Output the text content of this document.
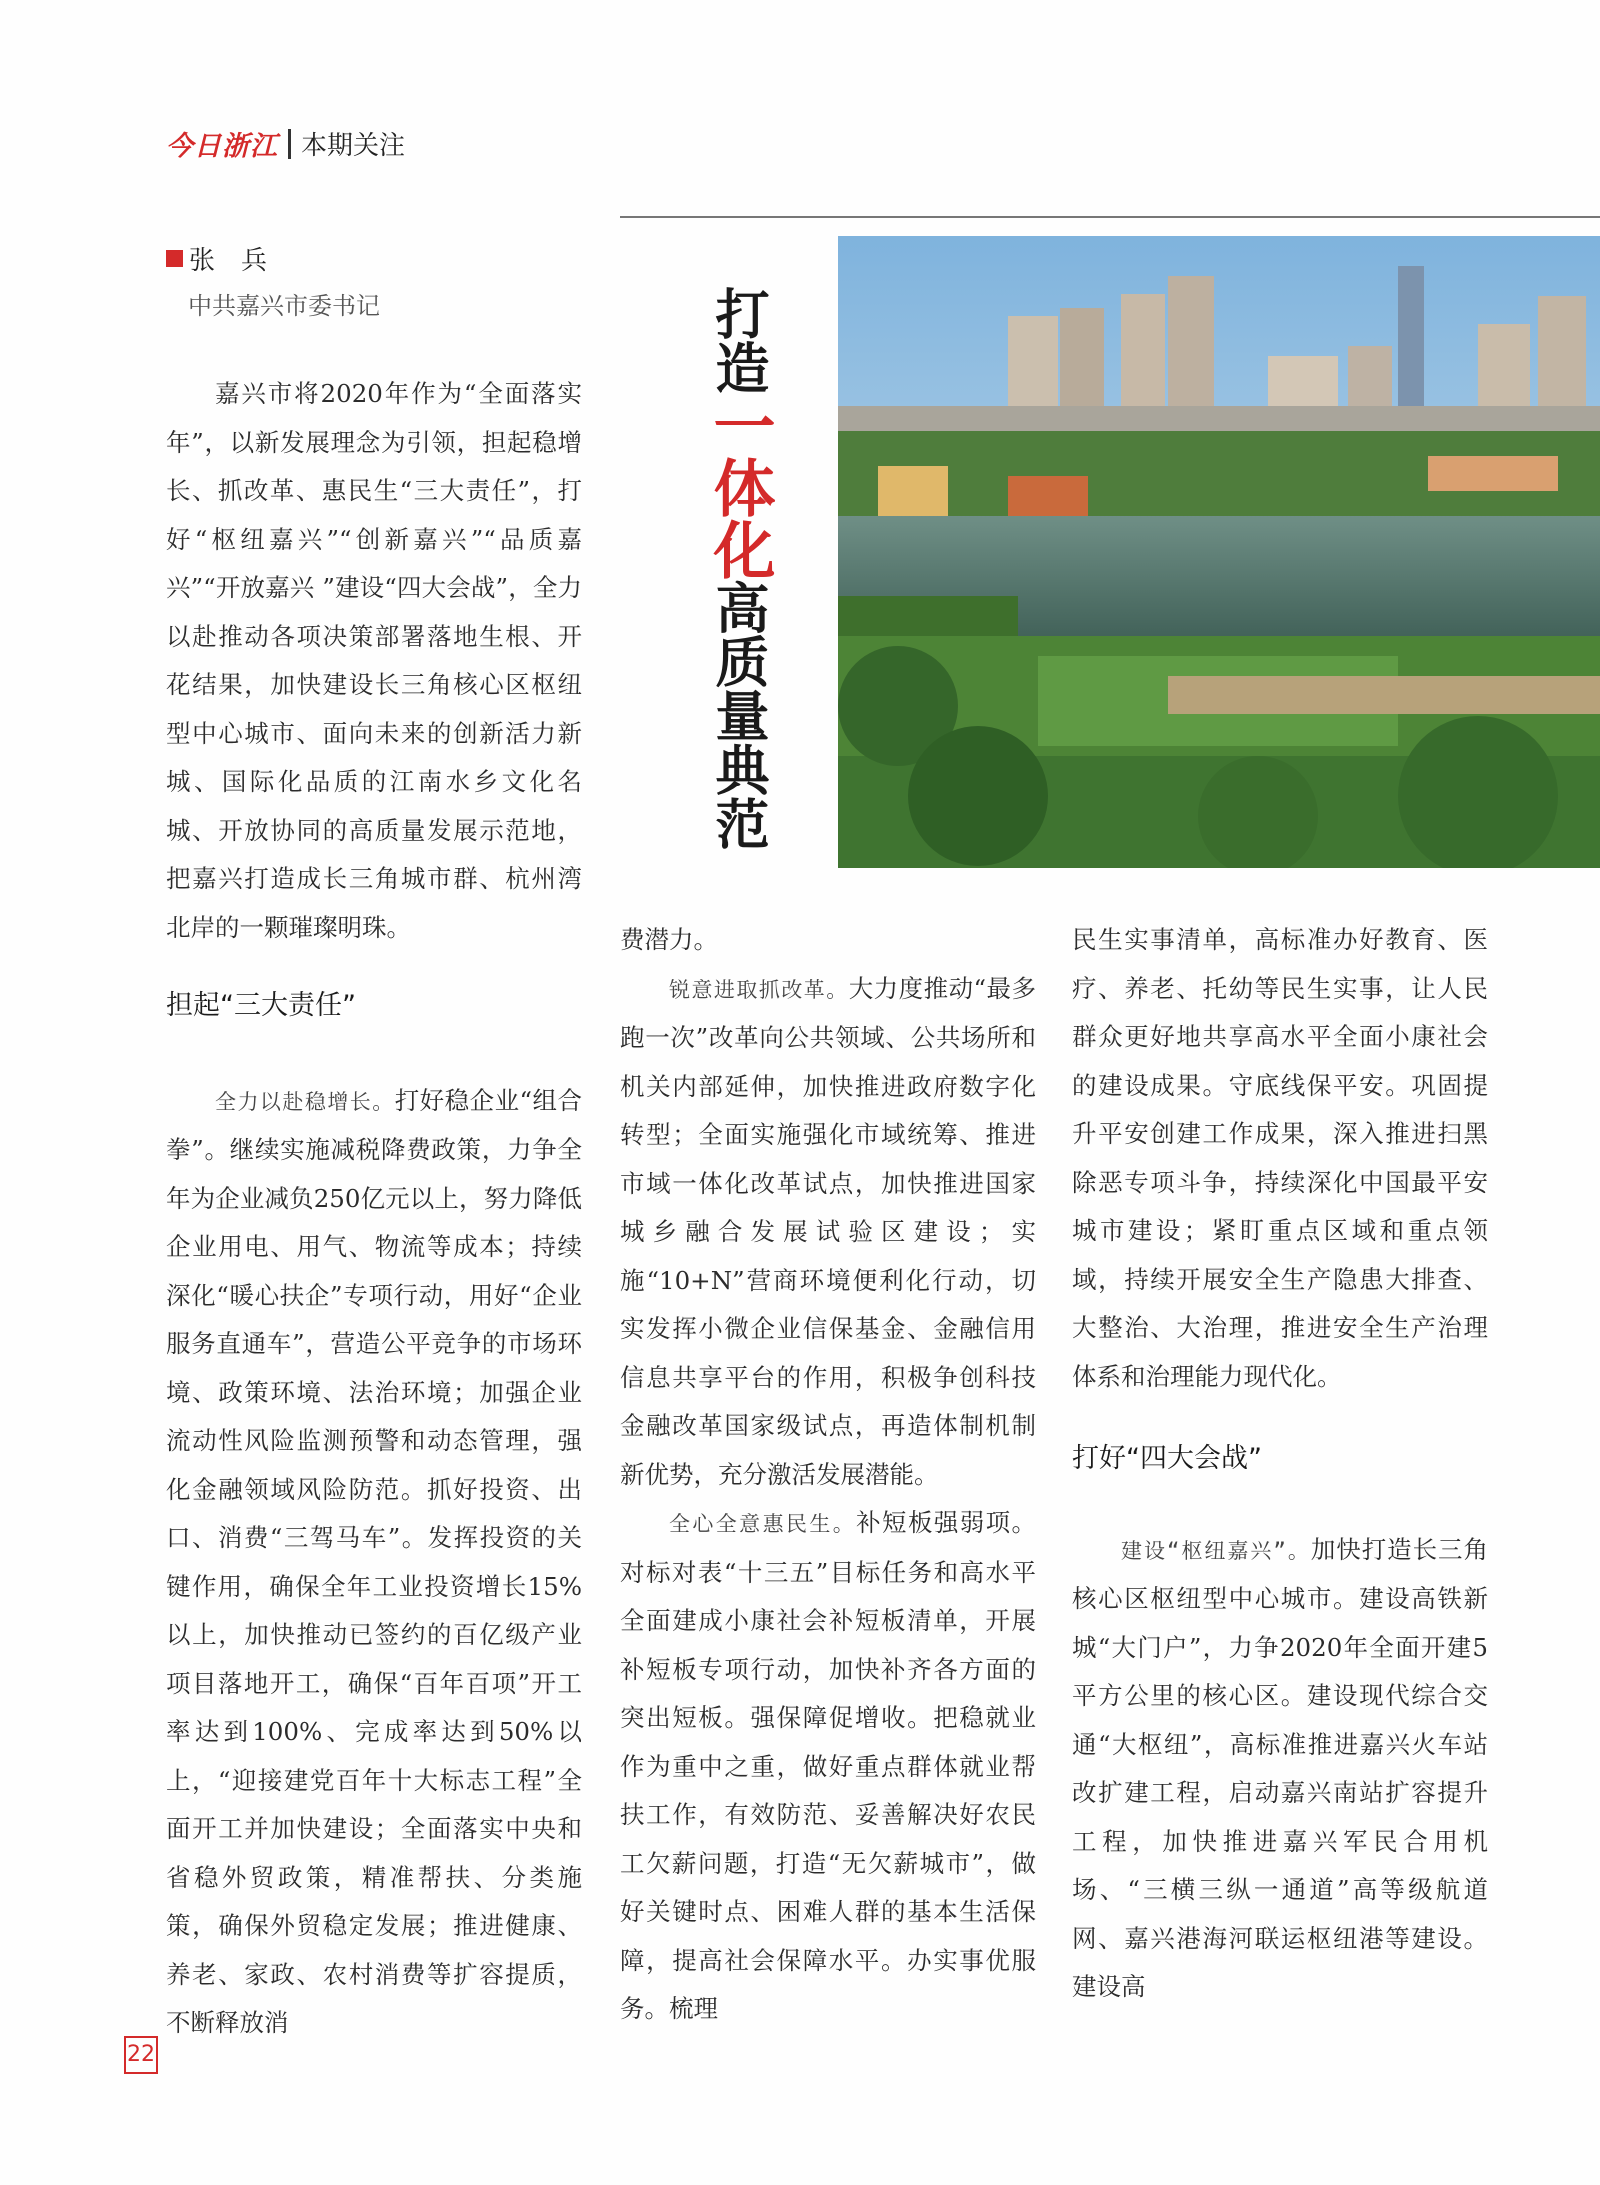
今日浙江 本期关注
张　兵
中共嘉兴市委书记	打造
一体化
高质量典范

嘉兴市将2020年作为“全面落实年”，以新发展理念为引领，担起稳增长、抓改革、惠民生“三大责任”，打好“枢纽嘉兴”“创新嘉兴”“品质嘉兴”“开放嘉兴 ”建设“四大会战”，全力以赴推动各项决策部署落地生根、开花结果，加快建设长三角核心区枢纽型中心城市、面向未来的创新活力新城、国际化品质的江南水乡文化名城、开放协同的高质量发展示范地，把嘉兴打造成长三角城市群、杭州湾北岸的一颗璀璨明珠。

担起“三大责任”

全力以赴稳增长。打好稳企业“组合拳”。继续实施减税降费政策，力争全年为企业减负250亿元以上，努力降低企业用电、用气、物流等成本；持续深化“暖心扶企”专项行动，用好“企业服务直通车”，营造公平竞争的市场环境、政策环境、法治环境；加强企业流动性风险监测预警和动态管理，强化金融领域风险防范。抓好投资、出口、消费“三驾马车”。发挥投资的关键作用，确保全年工业投资增长15%以上，加快推动已签约的百亿级产业项目落地开工，确保“百年百项”开工率达到100%、完成率达到50%以上，“迎接建党百年十大标志工程”全面开工并加快建设；全面落实中央和省稳外贸政策，精准帮扶、分类施策，确保外贸稳定发展；推进健康、养老、家政、农村消费等扩容提质，不断释放消

费潜力。

锐意进取抓改革。大力度推动“最多跑一次”改革向公共领域、公共场所和机关内部延伸，加快推进政府数字化转型；全面实施强化市域统筹、推进市域一体化改革试点，加快推进国家城乡融合发展试验区建设；实施“10+N”营商环境便利化行动，切实发挥小微企业信保基金、金融信用信息共享平台的作用，积极争创科技金融改革国家级试点，再造体制机制新优势，充分激活发展潜能。

全心全意惠民生。补短板强弱项。对标对表“十三五”目标任务和高水平全面建成小康社会补短板清单，开展补短板专项行动，加快补齐各方面的突出短板。强保障促增收。把稳就业作为重中之重，做好重点群体就业帮扶工作，有效防范、妥善解决好农民工欠薪问题，打造“无欠薪城市”，做好关键时点、困难人群的基本生活保障，提高社会保障水平。办实事优服务。梳理

民生实事清单，高标准办好教育、医疗、养老、托幼等民生实事，让人民群众更好地共享高水平全面小康社会的建设成果。守底线保平安。巩固提升平安创建工作成果，深入推进扫黑除恶专项斗争，持续深化中国最平安城市建设；紧盯重点区域和重点领域，持续开展安全生产隐患大排查、大整治、大治理，推进安全生产治理体系和治理能力现代化。

打好“四大会战”

建设“枢纽嘉兴”。加快打造长三角核心区枢纽型中心城市。建设高铁新城“大门户”，力争2020年全面开建5平方公里的核心区。建设现代综合交通“大枢纽”，高标准推进嘉兴火车站改扩建工程，启动嘉兴南站扩容提升工程，加快推进嘉兴军民合用机场、“三横三纵一通道”高等级航道网、嘉兴港海河联运枢纽港等建设。建设高

22
